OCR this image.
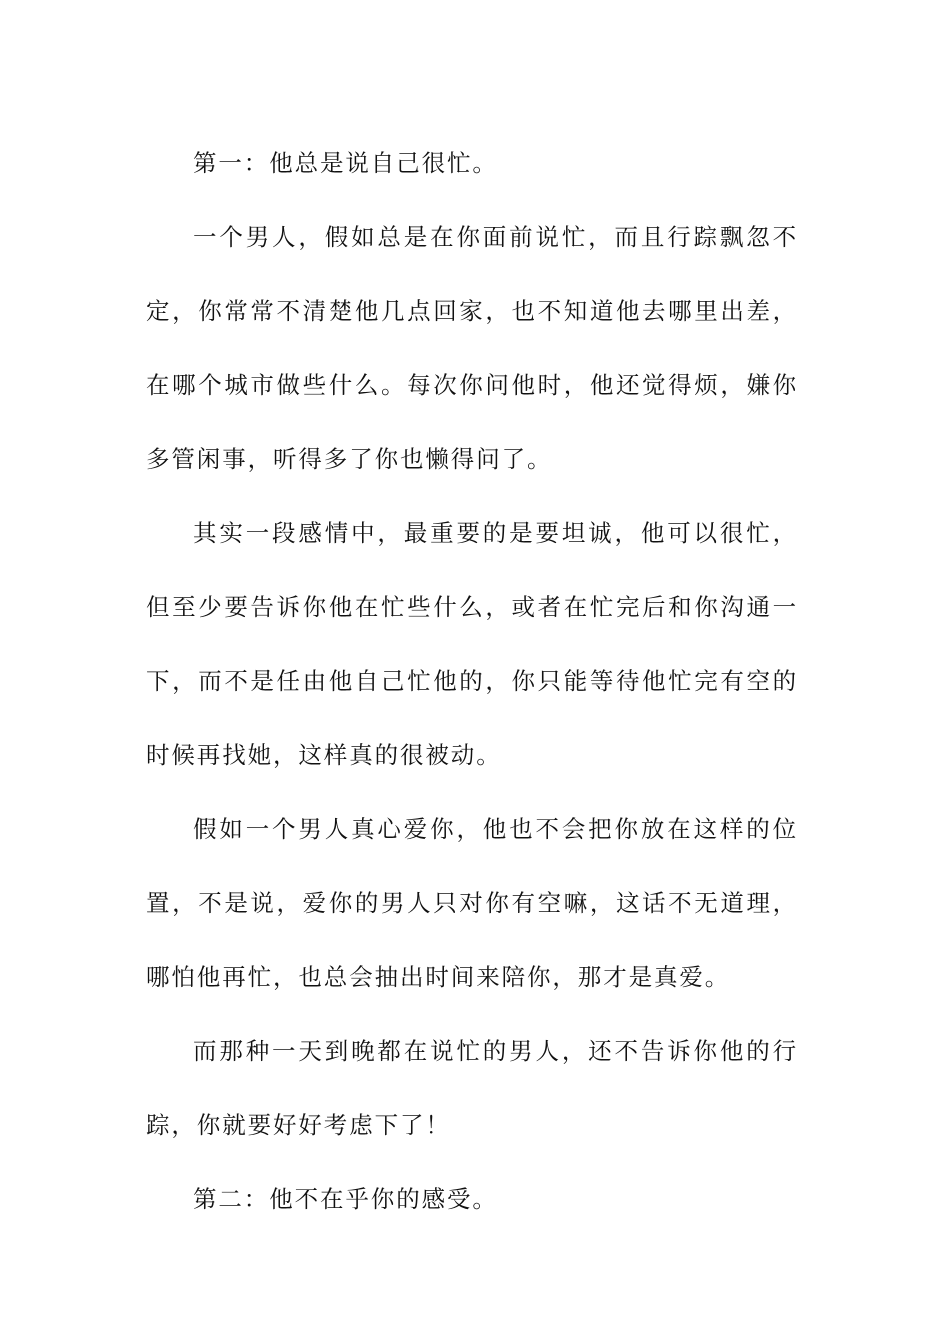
第一：他总是说自己很忙。

一个男人，假如总是在你面前说忙，而且行踪飘忽不定，你常常不清楚他几点回家，也不知道他去哪里出差，在哪个城市做些什么。每次你问他时，他还觉得烦，嫌你多管闲事，听得多了你也懒得问了。

其实一段感情中，最重要的是要坦诚，他可以很忙，但至少要告诉你他在忙些什么，或者在忙完后和你沟通一下，而不是任由他自己忙他的，你只能等待他忙完有空的时候再找她，这样真的很被动。

假如一个男人真心爱你，他也不会把你放在这样的位置，不是说，爱你的男人只对你有空嘛，这话不无道理，哪怕他再忙，也总会抽出时间来陪你，那才是真爱。

而那种一天到晚都在说忙的男人，还不告诉你他的行踪，你就要好好考虑下了！

第二：他不在乎你的感受。
